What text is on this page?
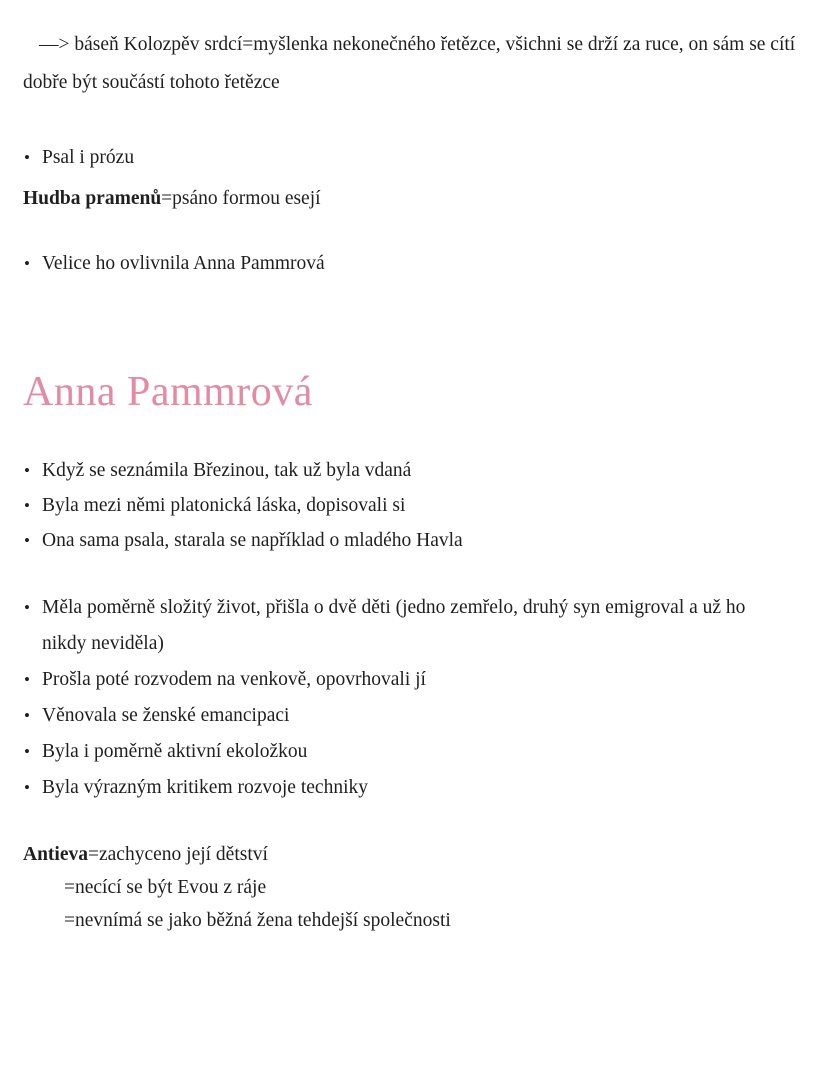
—> báseň Kolozpěv srdcí=myšlenka nekonečného řetězce, všichni se drží za ruce, on sám se cítí dobře být součástí tohoto řetězce

• Psal i prózu

Hudba pramenů=psáno formou esejí

• Velice ho ovlivnila Anna Pammrová
Anna Pammrová
• Když se seznámila Březinou, tak už byla vdaná
• Byla mezi němi platonická láska, dopisovali si
• Ona sama psala, starala se například o mladého Havla
• Měla poměrně složitý život, přišla o dvě děti (jedno zemřelo, druhý syn emigroval a už ho nikdy neviděla)
• Prošla poté rozvodem na venkově, opovrhovali jí
• Věnovala se ženské emancipaci
• Byla i poměrně aktivní ekoložkou
• Byla výrazným kritikem rozvoje techniky

Antieva=zachyceno její dětství

=necící se být Evou z ráje

=nevnímá se jako běžná žena tehdejší společnosti
